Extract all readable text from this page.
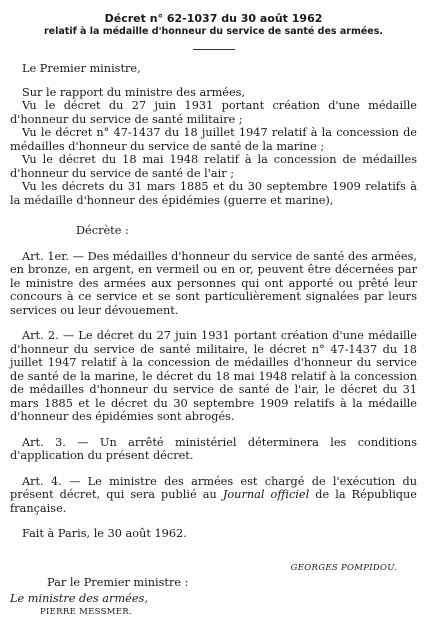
Décret n° 62-1037 du 30 août 1962
relatif à la médaille d'honneur du service de santé des armées.

Le Premier ministre,

Sur le rapport du ministre des armées,

Vu le décret du 27 juin 1931 portant création d'une médaille d'honneur du service de santé militaire ;

Vu le décret n° 47-1437 du 18 juillet 1947 relatif à la concession de médailles d'honneur du service de santé de la marine ;

Vu le décret du 18 mai 1948 relatif à la concession de médailles d'honneur du service de santé de l'air ;

Vu les décrets du 31 mars 1885 et du 30 septembre 1909 relatifs à la médaille d'honneur des épidémies (guerre et marine),

Décrète :

Art. 1er. — Des médailles d'honneur du service de santé des armées, en bronze, en argent, en vermeil ou en or, peuvent être décernées par le ministre des armées aux personnes qui ont apporté ou prêté leur concours à ce service et se sont particulièrement signalées par leurs services ou leur dévouement.

Art. 2. — Le décret du 27 juin 1931 portant création d'une médaille d'honneur du service de santé militaire, le décret n° 47-1437 du 18 juillet 1947 relatif à la concession de médailles d'honneur du service de santé de la marine, le décret du 18 mai 1948 relatif à la concession de médailles d'honneur du service de santé de l'air, le décret du 31 mars 1885 et le décret du 30 septembre 1909 relatifs à la médaille d'honneur des épidémies sont abrogés.

Art. 3. — Un arrêté ministériel déterminera les conditions d'application du présent décret.

Art. 4. — Le ministre des armées est chargé de l'exécution du présent décret, qui sera publié au Journal officiel de la République française.

Fait à Paris, le 30 août 1962.

GEORGES POMPIDOU.
Par le Premier ministre :
Le ministre des armées,
PIERRE MESSMER.
